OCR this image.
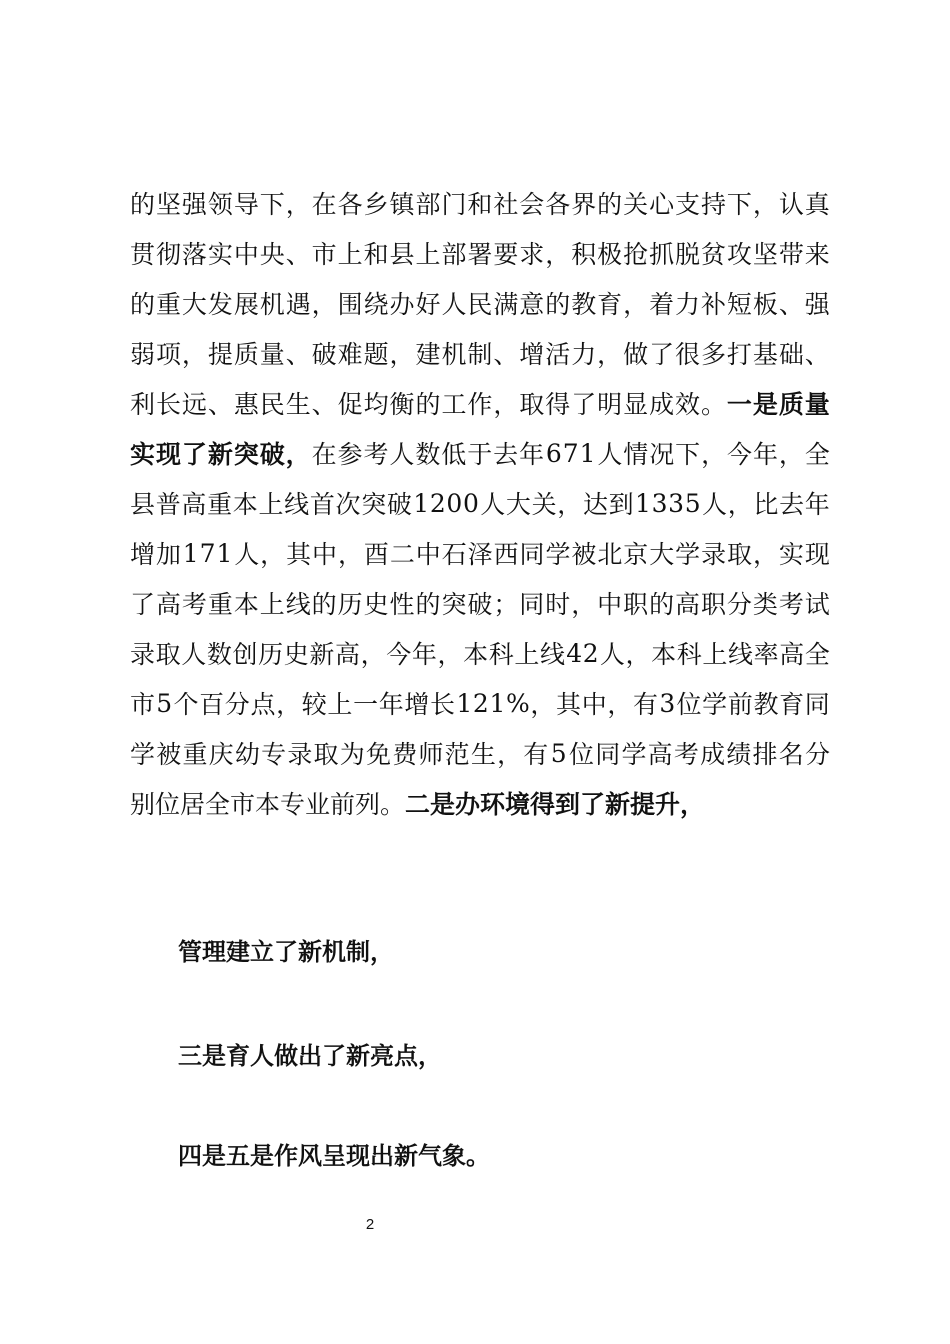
的 坚 强 领 导 下 ， 在 各 乡 镇 部 门 和 社 会 各 界 的 关 心 支 持 下 ， 认 真
贯 彻 落 实 中 央 、 市 上 和 县 上 部 署 要 求 ， 积 极 抢 抓 脱 贫 攻 坚 带 来
的 重 大 发 展 机 遇 ， 围 绕 办 好 人 民 满 意 的 教 育 ， 着 力 补 短 板 、 强
弱 项 ， 提 质 量 、 破 难 题 ， 建 机 制 、 增 活 力 ， 做 了 很 多 打 基 础 、
利 长 远 、 惠 民 生 、 促 均 衡 的 工 作 ， 取 得 了 明 显 成 效 。 一 是 质 量
实 现 了 新 突 破 ， 在 参 考 人 数 低 于 去 年 6 7 1 人 情 况 下 ， 今 年 ， 全
县 普 高 重 本 上 线 首 次 突 破 1 2 0 0 人 大 关 ， 达 到 1 3 3 5 人 ， 比 去 年
增 加 1 7 1 人 ， 其 中 ， 酉 二 中 石 泽 西 同 学 被 北 京 大 学 录 取 ， 实 现
了 高 考 重 本 上 线 的 历 史 性 的 突 破 ； 同 时 ， 中 职 的 高 职 分 类 考 试
录 取 人 数 创 历 史 新 高 ， 今 年 ， 本 科 上 线 4 2 人 ， 本 科 上 线 率 高 全
市 5 个 百 分 点 ， 较 上 一 年 增 长 1 2 1 % ， 其 中 ， 有 3 位 学 前 教 育 同
学 被 重 庆 幼 专 录 取 为 免 费 师 范 生 ， 有 5 位 同 学 高 考 成 绩 排 名 分
别位居全市本专业前列。 二是办环境得到了新提升，
管理建立了新机制，
三是育人做出了新亮点，
四是五是作风呈现出新气象。
2
